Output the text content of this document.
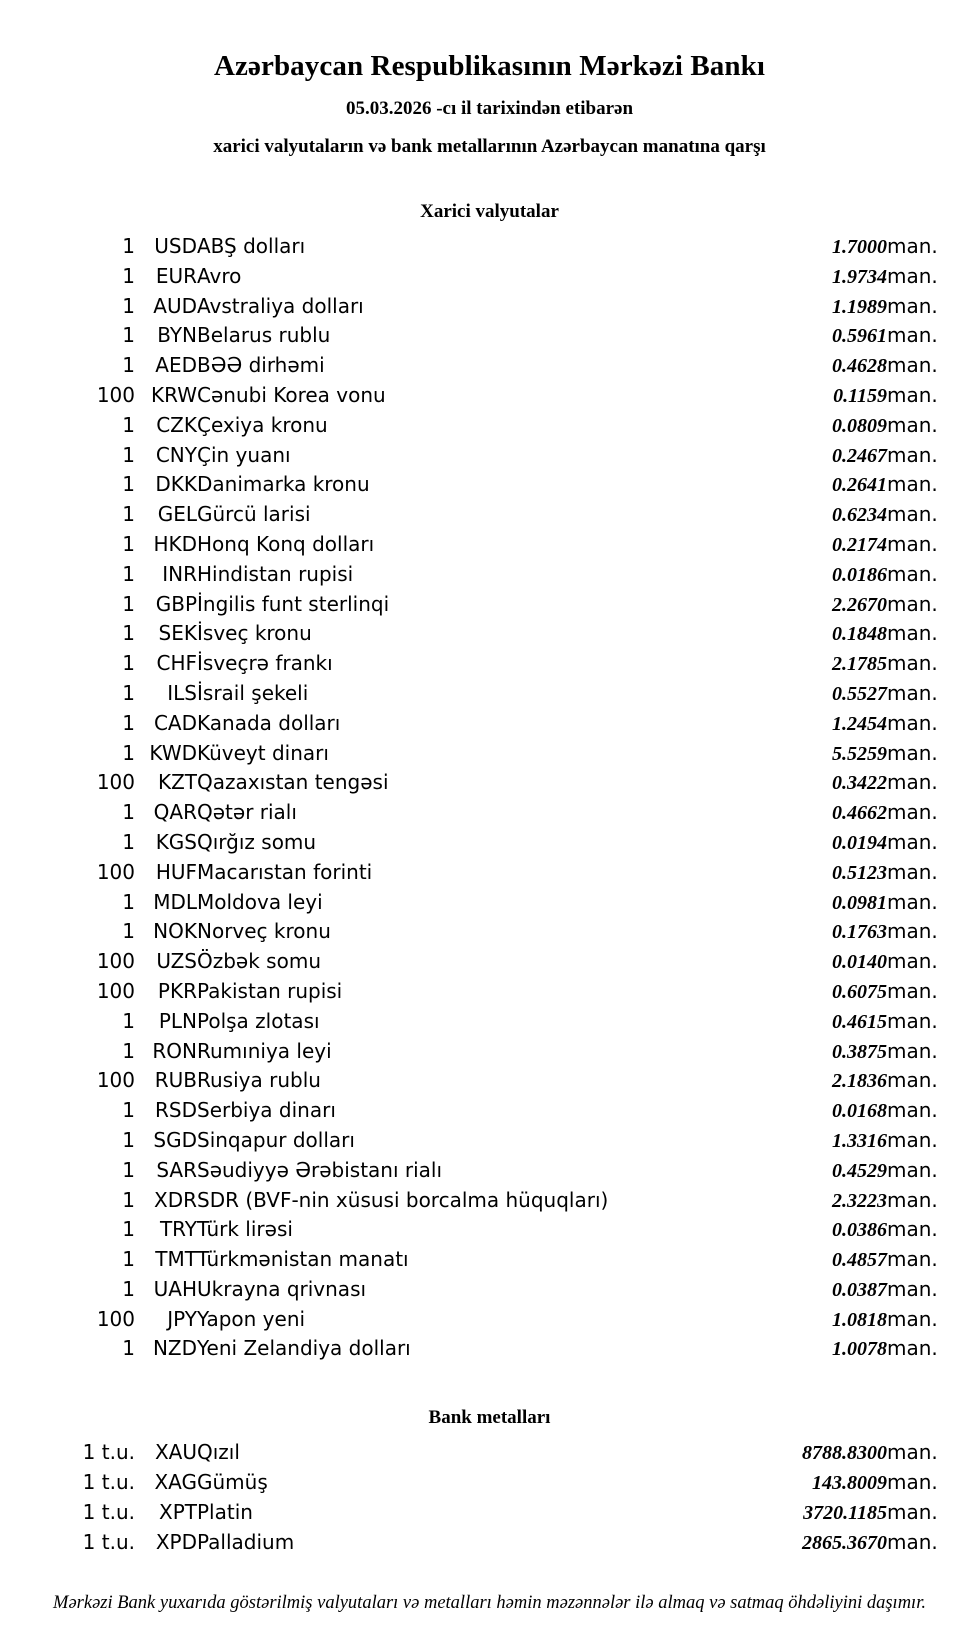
Azərbaycan Respublikasının Mərkəzi Bankı
05.03.2026 -cı il tarixindən etibarən
xarici valyutaların və bank metallarının Azərbaycan manatına qarşı
Xarici valyutalar
1	USD	ABŞ dolları	1.7000	man.
1	EUR	Avro	1.9734	man.
1	AUD	Avstraliya dolları	1.1989	man.
1	BYN	Belarus rublu	0.5961	man.
1	AED	BƏƏ dirhəmi	0.4628	man.
100	KRW	Cənubi Korea vonu	0.1159	man.
1	CZK	Çexiya kronu	0.0809	man.
1	CNY	Çin yuanı	0.2467	man.
1	DKK	Danimarka kronu	0.2641	man.
1	GEL	Gürcü larisi	0.6234	man.
1	HKD	Honq Konq dolları	0.2174	man.
1	INR	Hindistan rupisi	0.0186	man.
1	GBP	İngilis funt sterlinqi	2.2670	man.
1	SEK	İsveç kronu	0.1848	man.
1	CHF	İsveçrə frankı	2.1785	man.
1	ILS	İsrail şekeli	0.5527	man.
1	CAD	Kanada dolları	1.2454	man.
1	KWD	Küveyt dinarı	5.5259	man.
100	KZT	Qazaxıstan tengəsi	0.3422	man.
1	QAR	Qətər rialı	0.4662	man.
1	KGS	Qırğız somu	0.0194	man.
100	HUF	Macarıstan forinti	0.5123	man.
1	MDL	Moldova leyi	0.0981	man.
1	NOK	Norveç kronu	0.1763	man.
100	UZS	Özbək somu	0.0140	man.
100	PKR	Pakistan rupisi	0.6075	man.
1	PLN	Polşa zlotası	0.4615	man.
1	RON	Rumıniya leyi	0.3875	man.
100	RUB	Rusiya rublu	2.1836	man.
1	RSD	Serbiya dinarı	0.0168	man.
1	SGD	Sinqapur dolları	1.3316	man.
1	SAR	Səudiyyə Ərəbistanı rialı	0.4529	man.
1	XDR	SDR (BVF-nin xüsusi borcalma hüquqları)	2.3223	man.
1	TRY	Türk lirəsi	0.0386	man.
1	TMT	Türkmənistan manatı	0.4857	man.
1	UAH	Ukrayna qrivnası	0.0387	man.
100	JPY	Yapon yeni	1.0818	man.
1	NZD	Yeni Zelandiya dolları	1.0078	man.
Bank metalları
1 t.u.	XAU	Qızıl	8788.8300	man.
1 t.u.	XAG	Gümüş	143.8009	man.
1 t.u.	XPT	Platin	3720.1185	man.
1 t.u.	XPD	Palladium	2865.3670	man.
Mərkəzi Bank yuxarıda göstərilmiş valyutaları və metalları həmin məzənnələr ilə almaq və satmaq öhdəliyini daşımır.
